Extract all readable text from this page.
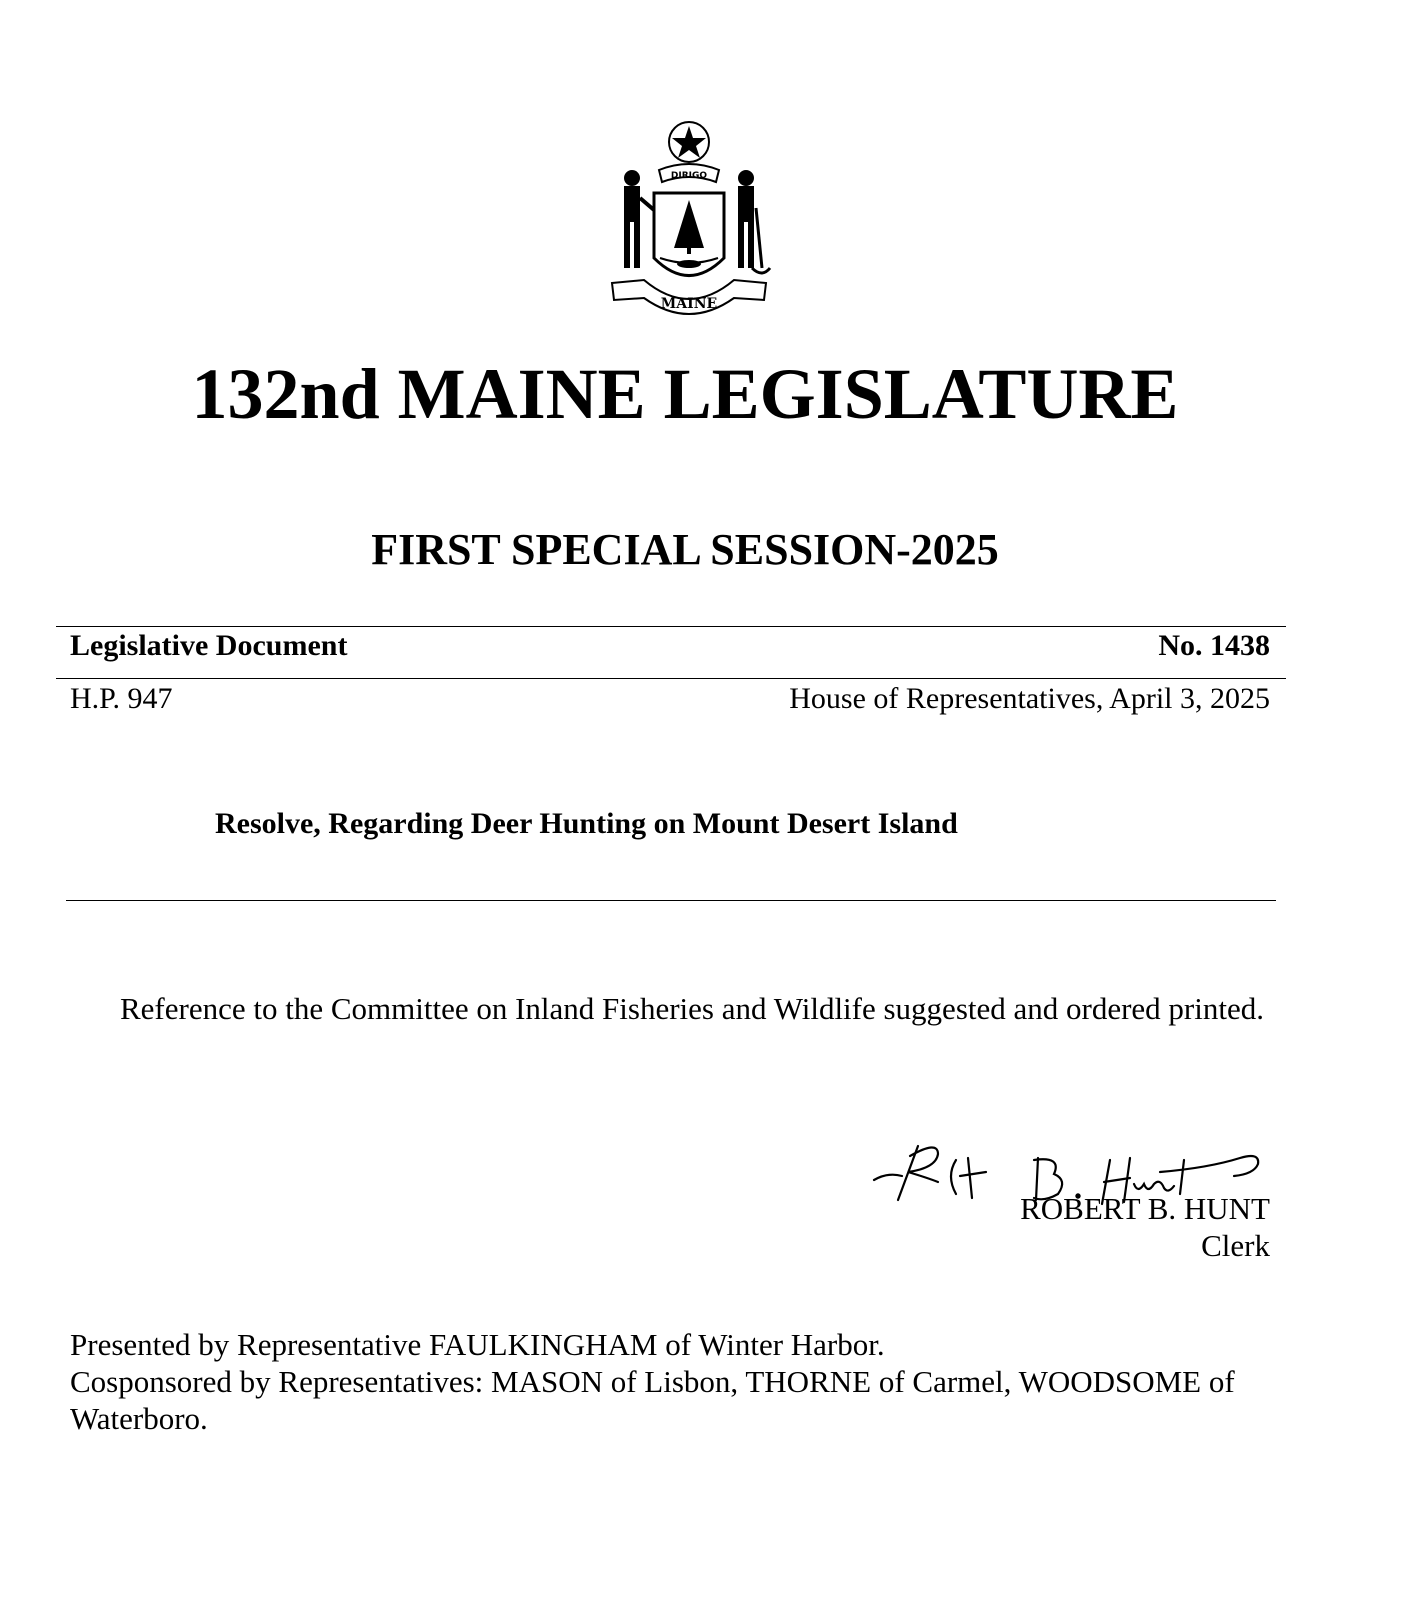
DIRIGO
MAINE
132nd MAINE LEGISLATURE
FIRST SPECIAL SESSION-2025
Legislative Document	No. 1438
H.P. 947	House of Representatives, April 3, 2025
Resolve, Regarding Deer Hunting on Mount Desert Island
Reference to the Committee on Inland Fisheries and Wildlife suggested and ordered printed.
ROBERT B. HUNT
Clerk
Presented by Representative FAULKINGHAM of Winter Harbor.
Cosponsored by Representatives: MASON of Lisbon, THORNE of Carmel, WOODSOME of Waterboro.
